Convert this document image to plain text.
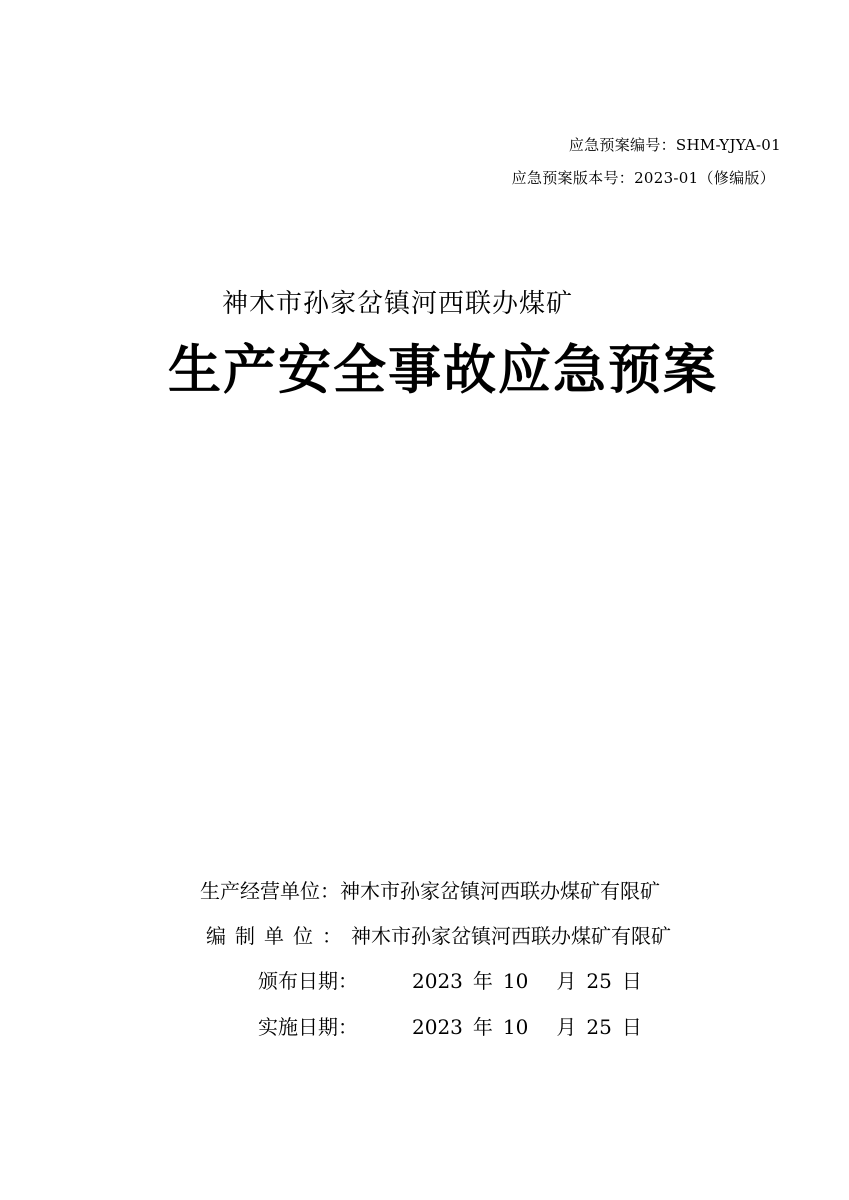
应急预案编号：SHM-YJYA-01
应急预案版本号：2023-01（修编版）
神木市孙家岔镇河西联办煤矿
生产安全事故应急预案
生产经营单位：神木市孙家岔镇河西联办煤矿有限矿
编制单位：神木市孙家岔镇河西联办煤矿有限矿
颁布日期：	2023 年 10 月 25 日
实施日期：	2023 年 10 月 25 日
